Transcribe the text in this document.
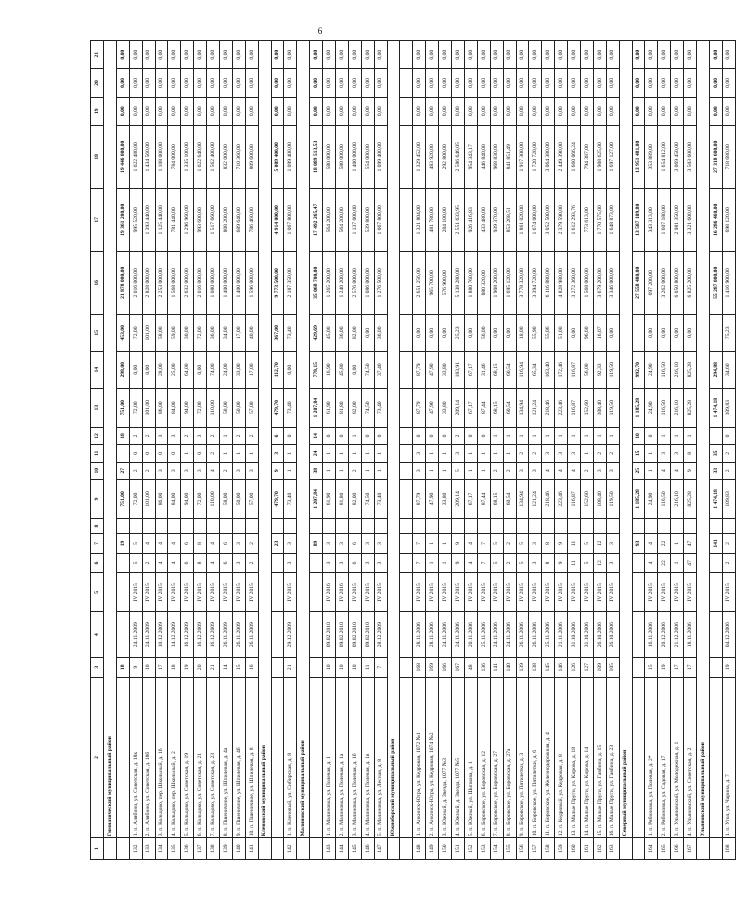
6
1	2	3	4	5	6	7	8	9	10	11	12	13	14	15	16	17	18	19	20	21
	Гимназический муниципальный район																			
		18				19		751,00	27		18	751,00	298,00	453,00	21 878 000,00	19 361 200,00	19 446 000,00	0,00	0,00	0,00
132	1. п. Алябино, ул. Советская, д. 18к	9	24.11.2009	IV 2015	5	5		72,00	2	0	2	72,00	0,00	72,00	2 016 000,00	995 520,00	1 022 480,00	0,00	0,00	0,00
133	2. п. Алябино, ул. Советская, д. 18б	10	24.11.2009	IV 2015	2	4		101,00	2	0	2	101,00	0,00	101,00	2 828 000,00	1 393 440,00	1 434 560,00	0,00	0,00	0,00
134	3. п. Кольцово, пер. Школьный, д. 16	17	10.12.2009	IV 2015	4	4		86,00	3	0	3	86,00	28,00	58,00	2 253 000,00	1 125 440,00	1 108 000,00	0,00	0,00	0,00
135	4. п. Кольцово, пер. Школьный, д. 2	18	14.12.2009	IV 2015	4	4		84,00	3	0	3	84,00	25,00	59,00	1 568 000,00	781 440,00	784 000,00	0,00	0,00	0,00
136	5. п. Кольцово, ул. Советская, д. 19	19	16.12.2009	IV 2015	6	6		94,00	3	1	2	94,00	64,00	30,00	2 632 000,00	1 296 960,00	1 335 100,00	0,00	0,00	0,00
137	6. п. Кольцово, ул. Советская, д. 21	20	16.12.2009	IV 2015	8	8		72,00	3	0	3	72,00	0,00	72,00	2 016 000,00	993 600,00	1 022 640,00	0,00	0,00	0,00
138	7. п. Кольцово, ул. Советская, д. 23	21	16.12.2009	IV 2015	4	4		110,00	4	2	2	110,00	74,00	36,00	1 080 000,00	1 517 660,00	1 562 400,00	0,00	0,00	0,00
139	8. п. Пшеничное, ул. Шпилевая, д. 4а	14	26.11.2009	IV 2015	6	6		58,00	2	1	1	58,00	24,00	34,00	1 400 000,00	808 200,00	832 000,00	0,00	0,00	0,00
140	9. п. Пшеничное, ул. Шпилевая, д. 4б	15	26.11.2009	IV 2015	3	3		50,00	3	1	2	50,00	33,00	17,00	1 400 000,00	689 640,00	710 360,00	0,00	0,00	0,00
141	10. п. Пшеничное, ул. Шпилевая, д. 8	16	26.11.2009	IV 2015	2	2		57,00	3	1	2	57,00	17,00	40,00	1 596 000,00	786 460,00	809 600,00	0,00	0,00	0,00
	Кленовский муниципальный район																			
						23		479,70	9	3	6	479,70	112,70	367,00	9 773 500,00	4 914 000,00	5 009 400,00	0,00	0,00	0,00
142	1. п. Кленовый, ул. Сибирская, д. 8	21	29.12.2009	IV 2015	3	3		73,40	1	1	0	73,40	0,00	73,40	2 187 350,00	1 067 800,00	1 099 400,00	0,00	0,00	0,00
	Малиновский муниципальный район																			
						89		1 207,84	38	24	14	1 207,84	778,15	429,69	35 068 700,00	17 492 265,47	18 089 513,53	0,00	0,00	0,00
143	1. п. Малиновка, ул. Полевая, д. 1	10	09.02.2010	IV 2016	3	3		61,90	1	1	0	61,90	16,90	45,00	1 265 200,00	564 200,00	580 000,00	0,00	0,00	0,00
144	2. п. Малиновка, ул. Полевая, д. 1а	10	09.02.2010	IV 2016	3	3		81,80	1	1	0	81,80	45,80	36,00	1 240 200,00	564 200,00	580 000,00	0,00	0,00	0,00
145	3. п. Малиновка, ул. Полевая, д. 1б	10	09.02.2010	IV 2015	6	6		82,00	2	1	1	82,00	0,00	82,00	2 576 000,00	1 137 000,00	1 400 000,00	0,00	0,00	0,00
146	4. п. Малиновка, ул. Полевая, д. 1в	11	09.02.2010	IV 2015	3	3		74,50	1	1	0	74,50	74,50	0,00	1 086 000,00	539 800,00	554 000,00	0,00	0,00	0,00
147	5. п. Малиновка, ул. Лесная, д. 8	7	28.12.2009	IV 2015	3	3		73,40	1	1	0	73,40	37,40	36,00	1 276 500,00	1 067 800,00	1 099 400,00	0,00	0,00	0,00
	Южноборский муниципальный район																			

148	1. п. Анкинск-Югра, ул. Кедровая, 1072 №1	168	28.11.2006	IV 2015	7	7		87,79	3	3	0	87,79	87,79	0,00	2 651 256,00	1 321 804,00	1 329 452,00	0,00	0,00	0,00
149	2. п. Анкинск-Югра, ул. Кедровая, 1074 №2	169	28.11.2006	IV 2015	1	1		47,90	1	1	0	47,90	47,90	0,00	965 700,00	481 780,00	483 920,00	0,00	0,00	0,00
150	3. п. Южный, д. Звезда, 1077 №3	166	24.11.2006	IV 2015	1	1		33,80	1	1	0	33,80	33,80	0,00	576 900,00	284 100,00	292 800,00	0,00	0,00	0,00
151	4. п. Южный, д. Звезда, 1077 №5	167	24.11.2006	IV 2015	9	9		209,14	5	3	2	209,14	183,91	25,23	5 138 280,00	2 551 633,95	2 586 646,05	0,00	0,00	0,00
152	5. п. Южный, ул. Шипкова, д. 1	48	20.11.2006	IV 2015	4	4		67,17	1	1	0	67,17	67,17	0,00	1 880 760,00	926 416,83	954 343,17	0,00	0,00	0,00
153	6. п. Боровское, ул. Боровская, д. 12	136	25.11.2006	IV 2015	7	7		87,44	1	1	0	87,44	31,46	56,00	880 320,00	433 480,00	446 840,00	0,00	0,00	0,00
154	7. п. Боровское, ул. Боровская, д. 27	141	24.11.2006	IV 2015	5	5		68,15	2	1	1	68,15	68,15	0,00	1 908 200,00	939 370,00	968 830,00	0,00	0,00	0,00
155	8. п. Боровское, ул. Боровская, д. 27а	140	24.11.2006	IV 2015	2	2		60,54	2	1	1	60,54	60,54	0,00	1 695 120,00	853 268,51	841 851,49	0,00	0,00	0,00
156	9. п. Боровское, ул. Пятилетки, д. 3	139	26.11.2006	IV 2015	5	5		134,94	3	2	1	134,94	116,94	18,00	3 778 320,00	1 861 020,00	1 917 300,00	0,00	0,00	0,00
157	10. п. Боровское, ул. Пятилетки, д. 6	138	26.11.2006	IV 2015	3	3		121,24	3	2	1	121,24	65,34	55,90	3 394 720,00	1 674 000,00	1 720 720,00	0,00	0,00	0,00
158	11. п. Боровское, ул. Железнодорожная, д. 4	145	25.11.2006	IV 2015	8	8		218,46	4	3	1	218,46	163,40	55,06	6 116 880,00	3 052 500,00	3 064 380,00	0,00	0,00	0,00
159	12. п. Кедровый, ул. Кедровая, д. 8	146	21.11.2006	IV 2015	9	9		223,46	4	3	1	223,46	172,46	51,00	4 828 980,00	2 379 590,00	2 449 390,00	0,00	0,00	0,00
160	13. п. Малые Пруги, ул. Кирова, д. 18	126	31.10.2006	IV 2015	11	11		116,87	4	3	1	116,87	116,87	0,00	3 272 360,00	1 612 293,76	1 660 066,24	0,00	0,00	0,00
161	14. п. Малые Пруги, ул. Кирова, д. 14	127	31.10.2006	IV 2015	5	5		152,60	2	1	1	152,60	56,00	96,60	1 568 000,00	773 613,00	794 387,00	0,00	0,00	0,00
162	15. п. Малые Пруги, ул. Гавбина, д. 15	109	26.10.2006	IV 2015	12	12		108,40	3	2	1	108,40	92,33	16,07	3 679 200,00	1 770 575,00	1 908 625,00	0,00	0,00	0,00
163	16. п. Малые Пруги, ул. Гавбина, д. 23	105	26.10.2006	IV 2015	3	3		119,50	3	2	1	119,50	119,50	0,00	3 346 000,00	1 648 873,00	1 697 127,00	0,00	0,00	0,00
	Северный муниципальный район																			
						93		1 185,28	25	15	10	1 185,28	992,70		27 558 480,00	13 587 109,80	13 951 481,00	0,00	0,00	0,00
164	1. п. Рябиновка, ул. Полевая, д. 2*	15	16.11.2006	IV 2015	4	4		24,90	1	1	0	24,90	24,90	0,00	697 200,00	343 313,00	353 889,00	0,00	0,00	0,00
165	2. п. Рябиновка, ул. Садовая, д. 17	19	20.12.2006	IV 2015	22	22		116,50	4	3	1	116,50	116,50	0,00	3 262 000,00	1 607 180,00	1 654 812,00	0,00	0,00	0,00
166	3. п. Ульяновский, ул. Молодежная, д. 1	17	21.12.2006	IV 2015	1	1		216,10	4	3	1	216,10	216,10	0,00	6 050 800,00	2 981 350,00	3 069 450,00	0,00	0,00	0,00
167	4. п. Ульяновский, ул. Советская, д. 2	17	18.11.2006	IV 2015	47	47		825,28	9	8	1	825,28	825,28	0,00	6 825 200,00	3 321 600,00	3 503 600,00	0,00	0,00	0,00
	Ульяновский муниципальный район																			
						141		1 474,18	33	35		1 474,18	294,88		55 287 000,00	16 286 460,00	27 318 600,00	0,00	0,00	0,00
168	1. п. Угол, ул. Чарина, д. 7	19	04.12.2006	IV 2015	2	2		109,83	2	2	0	109,83	34,60	75,23	1 416 900,00	698 120,00	718 680,00	0,00	0,00	0,00
